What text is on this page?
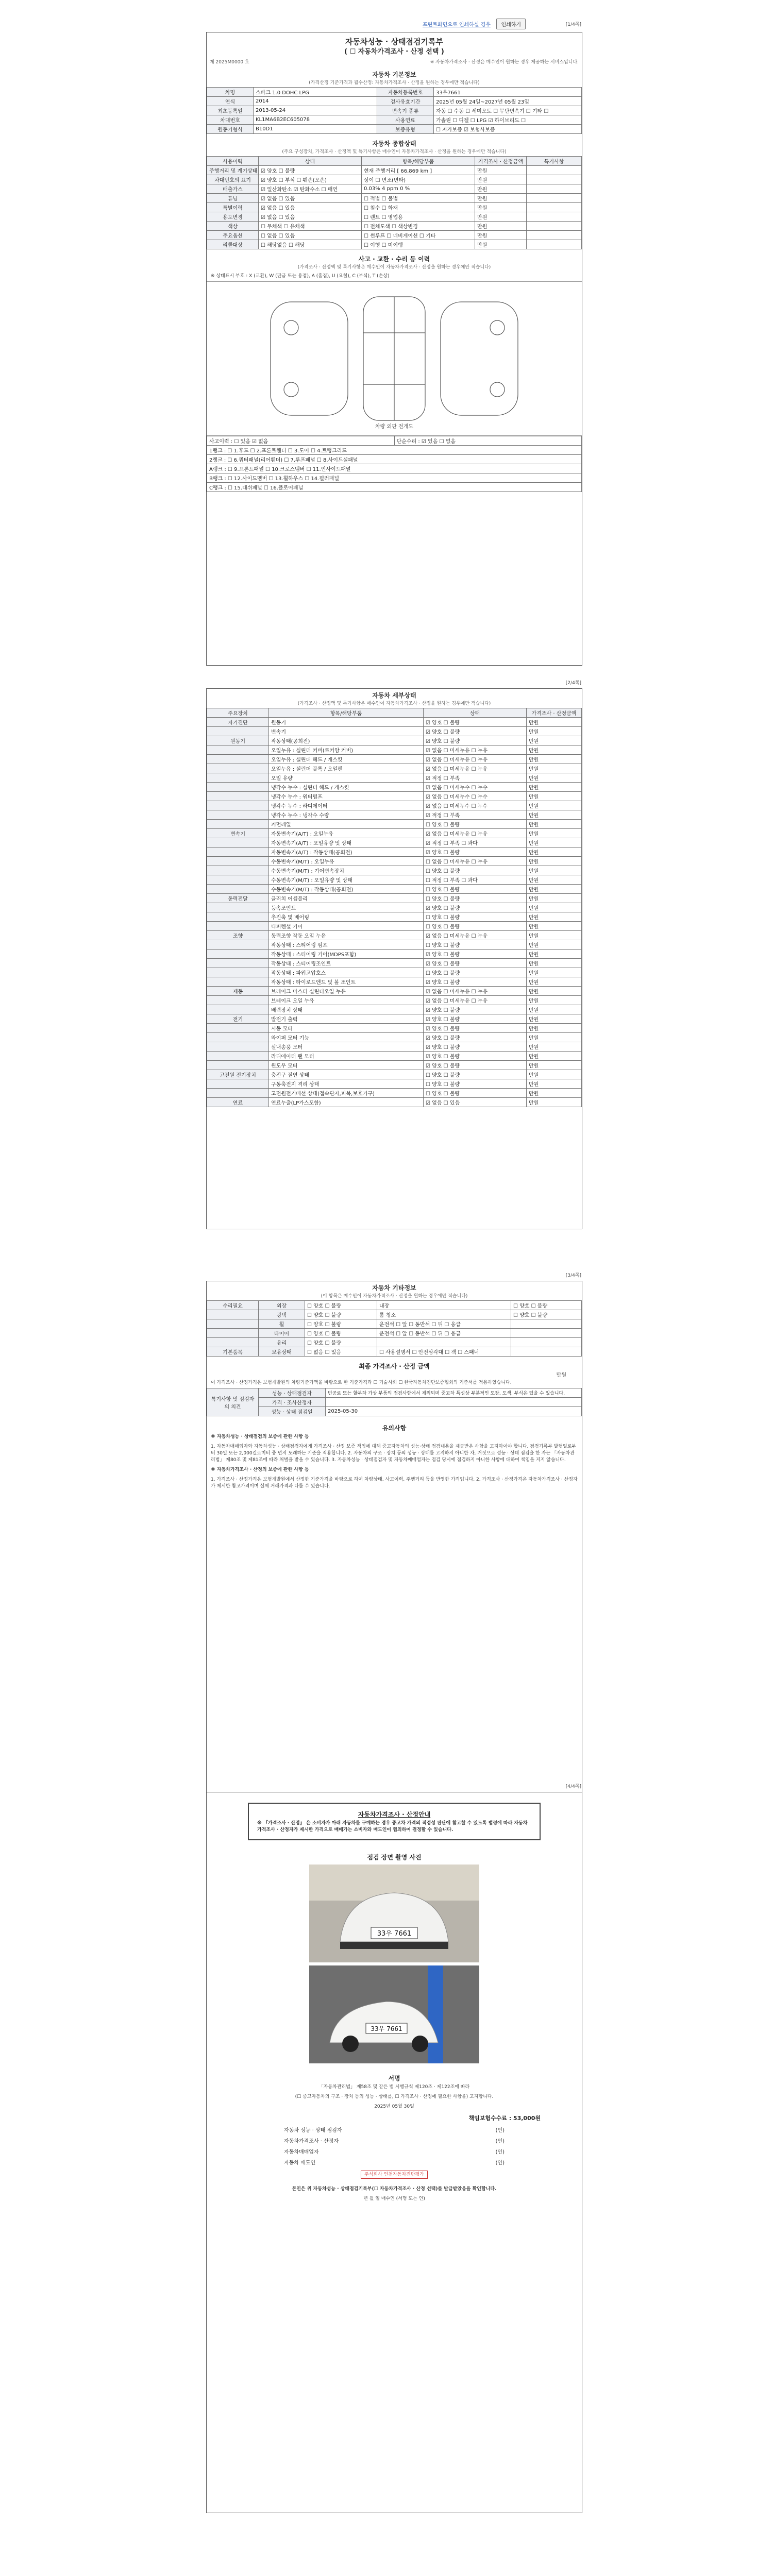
프린트화면으로 인쇄하실 경우 인쇄하기	[1/4쪽]
자동차성능 · 상태점검기록부
( ☐ 자동차가격조사 · 산정 선택 )
제 2025M0000 호	※ 자동차가격조사 · 산정은 매수인이 원하는 경우 제공하는 서비스입니다.
자동차 기본정보
(가격산정 기준가격과 월수산정: 자동차가격조사 · 산정을 원하는 경우에만 적습니다)
차명	스파크 1.0 DOHC LPG	자동차등록번호	33우7661
연식	2014	검사유효기간	2025년 05월 24일~2027년 05월 23일
최초등록일	2013-05-24	변속기 종류	자동 ☐ 수동 ☐ 세미오토 ☐ 무단변속기 ☐ 기타 ☐
차대번호	KL1MA6B2EC605078	사용연료	가솔린 ☐ 디젤 ☐ LPG ☑ 하이브리드 ☐
원동기형식	B10D1	보증유형	☐ 자가보증 ☑ 보험사보증
자동차 종합상태
(주요 구성장치, 가격조사 · 산정액 및 특기사항은 매수인이 자동차가격조사 · 산정을 원하는 경우에만 적습니다)
사용이력	상태	항목/해당부품	가격조사 · 산정금액	특기사항
주행거리 및 계기상태	☑ 양호 ☐ 불량	현재 주행거리 [ 66,869 km ]	만원	
차대번호의 표기	☑ 양호 ☐ 부식 ☐ 훼손(오손)	상이 ☐ 변조(변타)	만원	
배출가스	☑ 일산화탄소 ☑ 탄화수소 ☐ 매연	0.03% 4 ppm 0 %	만원	
튜닝	☑ 없음 ☐ 있음	☐ 적법 ☐ 불법	만원	
특별이력	☑ 없음 ☐ 있음	☐ 침수 ☐ 화재	만원	
용도변경	☑ 없음 ☐ 있음	☐ 렌트 ☐ 영업용	만원	
색상	☐ 무채색 ☐ 유채색	☐ 전체도색 ☐ 색상변경	만원	
주요옵션	☐ 없음 ☐ 있음	☐ 썬루프 ☐ 네비게이션 ☐ 기타	만원	
리콜대상	☐ 해당없음 ☐ 해당	☐ 이행 ☐ 미이행	만원	
사고 · 교환 · 수리 등 이력
(가격조사 · 산정액 및 특기사항은 매수인이 자동차가격조사 · 산정을 원하는 경우에만 적습니다)
※ 상태표시 부호 : X (교환), W (판금 또는 용접), A (흠집), U (요철), C (부식), T (손상)
차량 외판 전개도
사고이력 : ☐ 있음 ☑ 없음	단순수리 : ☑ 있음 ☐ 없음
1랭크 : ☐ 1.후드 ☐ 2.프론트휀더 ☐ 3.도어 ☐ 4.트렁크리드
2랭크 : ☐ 6.쿼터패널(리어휀더) ☐ 7.루프패널 ☐ 8.사이드실패널
A랭크 : ☐ 9.프론트패널 ☐ 10.크로스멤버 ☐ 11.인사이드패널
B랭크 : ☐ 12.사이드멤버 ☐ 13.휠하우스 ☐ 14.필러패널
C랭크 : ☐ 15.대쉬패널 ☐ 16.플로어패널
[2/4쪽]
자동차 세부상태
(가격조사 · 산정액 및 특기사항은 매수인이 자동차가격조사 · 산정을 원하는 경우에만 적습니다)
주요장치	항목/해당부품	상태	가격조사 · 산정금액
자기진단	원동기	☑ 양호 ☐ 불량	만원
	변속기	☑ 양호 ☐ 불량	만원
원동기	작동상태(공회전)	☑ 양호 ☐ 불량	만원
	오일누유 : 실린더 커버(로커암 커버)	☑ 없음 ☐ 미세누유 ☐ 누유	만원
	오일누유 : 실린더 헤드 / 개스킷	☑ 없음 ☐ 미세누유 ☐ 누유	만원
	오일누유 : 실린더 블록 / 오일팬	☑ 없음 ☐ 미세누유 ☐ 누유	만원
	오일 유량	☑ 적정 ☐ 부족	만원
	냉각수 누수 : 실린더 헤드 / 개스킷	☑ 없음 ☐ 미세누수 ☐ 누수	만원
	냉각수 누수 : 워터펌프	☑ 없음 ☐ 미세누수 ☐ 누수	만원
	냉각수 누수 : 라디에이터	☑ 없음 ☐ 미세누수 ☐ 누수	만원
	냉각수 누수 : 냉각수 수량	☑ 적정 ☐ 부족	만원
	커먼레일	☐ 양호 ☐ 불량	만원
변속기	자동변속기(A/T) : 오일누유	☑ 없음 ☐ 미세누유 ☐ 누유	만원
	자동변속기(A/T) : 오일유량 및 상태	☑ 적정 ☐ 부족 ☐ 과다	만원
	자동변속기(A/T) : 작동상태(공회전)	☑ 양호 ☐ 불량	만원
	수동변속기(M/T) : 오일누유	☐ 없음 ☐ 미세누유 ☐ 누유	만원
	수동변속기(M/T) : 기어변속장치	☐ 양호 ☐ 불량	만원
	수동변속기(M/T) : 오일유량 및 상태	☐ 적정 ☐ 부족 ☐ 과다	만원
	수동변속기(M/T) : 작동상태(공회전)	☐ 양호 ☐ 불량	만원
동력전달	클러치 어셈블리	☐ 양호 ☐ 불량	만원
	등속조인트	☑ 양호 ☐ 불량	만원
	추진축 및 베어링	☐ 양호 ☐ 불량	만원
	디퍼렌셜 기어	☐ 양호 ☐ 불량	만원
조향	동력조향 작동 오일 누유	☑ 없음 ☐ 미세누유 ☐ 누유	만원
	작동상태 : 스티어링 펌프	☐ 양호 ☐ 불량	만원
	작동상태 : 스티어링 기어(MDPS포함)	☑ 양호 ☐ 불량	만원
	작동상태 : 스티어링조인트	☑ 양호 ☐ 불량	만원
	작동상태 : 파워고압호스	☐ 양호 ☐ 불량	만원
	작동상태 : 타이로드엔드 및 볼 조인트	☑ 양호 ☐ 불량	만원
제동	브레이크 마스터 실린더오일 누유	☑ 없음 ☐ 미세누유 ☐ 누유	만원
	브레이크 오일 누유	☑ 없음 ☐ 미세누유 ☐ 누유	만원
	배력장치 상태	☑ 양호 ☐ 불량	만원
전기	발전기 출력	☑ 양호 ☐ 불량	만원
	시동 모터	☑ 양호 ☐ 불량	만원
	와이퍼 모터 기능	☑ 양호 ☐ 불량	만원
	실내송풍 모터	☑ 양호 ☐ 불량	만원
	라디에이터 팬 모터	☑ 양호 ☐ 불량	만원
	윈도우 모터	☑ 양호 ☐ 불량	만원
고전원 전기장치	충전구 절연 상태	☐ 양호 ☐ 불량	만원
	구동축전지 격리 상태	☐ 양호 ☐ 불량	만원
	고전원전기배선 상태(접속단자,피복,보호기구)	☐ 양호 ☐ 불량	만원
연료	연료누출(LP가스포함)	☑ 없음 ☐ 있음	만원
[3/4쪽]
자동차 기타정보
(이 항목은 매수인이 자동차가격조사 · 산정을 원하는 경우에만 적습니다)
수리필요	외장	☐ 양호 ☐ 불량	내장	☐ 양호 ☐ 불량
	광택	☐ 양호 ☐ 불량	룸 청소	☐ 양호 ☐ 불량
	휠	☐ 양호 ☐ 불량	운전석 ☐ 앞 ☐ 동반석 ☐ 뒤 ☐ 응급	
	타이어	☐ 양호 ☐ 불량	운전석 ☐ 앞 ☐ 동반석 ☐ 뒤 ☐ 응급	
	유리	☐ 양호 ☐ 불량		
기본품목	보유상태	☐ 없음 ☐ 있음	☐ 사용설명서 ☐ 안전삼각대 ☐ 잭 ☐ 스패너	
최종 가격조사 · 산정 금액
만원
이 가격조사 · 산정가격은 보험개발원의 차량기준가액을 바탕으로 한 기준가격과 ☐ 기술사회 ☐ 한국자동차진단보증협회의 기준서를 적용하였습니다.
특기사항 및 점검자의 의견	성능 · 상태점검자	빈공로 또는 할부차 가상 부품의 점검사항에서 제외되며 중고차 특성상 부분적인 도장, 도색, 부식은 있을 수 있습니다.
	가격 · 조사산정자	
	성능 · 상태 점검일	2025-05-30
유의사항
※ 자동차성능 · 상태점검의 보증에 관한 사항 등
1. 자동차매매업자와 자동차성능 · 상태점검자에게 가격조사 · 산정 보증 책임에 대해 중고자동차의 성능·상태 점검내용을 제공받은 사항을 고지하여야 합니다. 점검기록부 발행일로부터 30일 또는 2,000킬로미터 중 먼저 도래하는 기준을 적용합니다. 2. 자동차의 구조 · 장치 등의 성능 · 상태를 고지하지 아니한 자, 거짓으로 성능 · 상태 점검을 한 자는 「자동차관리법」 제80조 및 제81조에 따라 처벌을 받을 수 있습니다. 3. 자동차성능 · 상태점검자 및 자동차매매업자는 점검 당시에 점검하지 아니한 사항에 대하여 책임을 지지 않습니다.
※ 자동차가격조사 · 산정의 보증에 관한 사항 등
1. 가격조사 · 산정가격은 보험개발원에서 산정한 기준가격을 바탕으로 하여 차량상태, 사고이력, 주행거리 등을 반영한 가격입니다. 2. 가격조사 · 산정가격은 자동차가격조사 · 산정자가 제시한 참고가격이며 실제 거래가격과 다를 수 있습니다.
[4/4쪽]
자동차가격조사 · 산정안내
※ 『가격조사 · 산정』 은 소비자가 아래 자동차를 구매하는 경우 중고차 가격의 적정성 판단에 참고할 수 있도록 법령에 따라 자동차가격조사 · 산정자가 제시한 가격으로 매매가는 소비자와 매도인이 협의하여 결정할 수 있습니다.
점검 장면 촬영 사진
33우 7661
33우 7661
서명
「자동차관리법」 제58조 및 같은 법 시행규칙 제120조 · 제122조에 따라
(☐ 중고자동차의 구조 · 장치 등의 성능 · 상태를, ☐ 가격조사 · 산정에 필요한 사항을) 고지합니다.
2025년 05월 30일
책임보험수수료 : 53,000원
자동차 성능 · 상태 점검자	(인)
자동차가격조사 · 산정자	(인)
자동차매매업자	(인)
자동차 매도인	(인)
주식회사 인천자동차진단평가
본인은 위 자동차성능 · 상태점검기록부(☐ 자동차가격조사 · 산정 선택)를 발급받았음을 확인합니다.
년 월 일 매수인 (서명 또는 인)
